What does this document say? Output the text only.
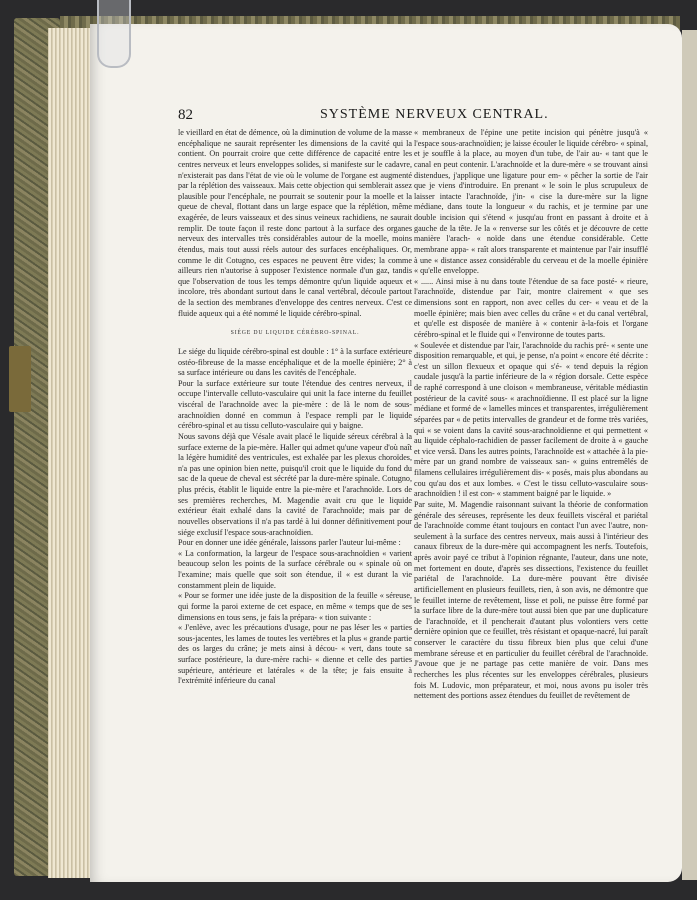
82	SYSTÈME NERVEUX CENTRAL.

le vieillard en état de démence, où la diminution de volume de la masse encéphalique ne saurait représenter les dimensions de la cavité qui la contient. On pourrait croire que cette différence de capacité entre les centres nerveux et leurs enveloppes solides, si manifeste sur le cadavre, n'existerait pas dans l'état de vie où le volume de l'organe est augmenté par la réplétion des vaisseaux. Mais cette objection qui semblerait assez plausible pour l'encéphale, ne pourrait se soutenir pour la moelle et la queue de cheval, flottant dans un large espace que la réplétion, même exagérée, de leurs vaisseaux et des sinus veineux rachidiens, ne saurait remplir. De toute façon il reste donc partout à la surface des organes nerveux des intervalles très considérables autour de la moelle, moins étendus, mais tout aussi réels autour des surfaces encéphaliques. Or, comme le dit Cotugno, ces espaces ne peuvent être vides; la comme ailleurs rien n'autorise à supposer l'existence normale d'un gaz, tandis que l'observation de tous les temps démontre qu'un liquide aqueux et incolore, très abondant surtout dans le canal vertébral, découle partout de la section des membranes d'enveloppe des centres nerveux. C'est ce fluide aqueux qui a été nommé le liquide cérébro-spinal.

SIÉGE DU LIQUIDE CÉRÉBRO-SPINAL.

Le siége du liquide cérébro-spinal est double : 1° à la surface extérieure ostéo-fibreuse de la masse encéphalique et de la moelle épinière; 2° à sa surface intérieure ou dans les cavités de l'encéphale.

Pour la surface extérieure sur toute l'étendue des centres nerveux, il occupe l'intervalle celluto-vasculaire qui unit la face interne du feuillet viscéral de l'arachnoïde avec la pie-mère : de là le nom de sous-arachnoïdien donné en commun à l'espace rempli par le liquide cérébro-spinal et au tissu celluto-vasculaire qui y baigne.

Nous savons déjà que Vésale avait placé le liquide séreux cérébral à la surface externe de la pie-mère. Haller qui admet qu'une vapeur d'où naît la légère humidité des ventricules, est exhalée par les plexus choroïdes, n'a pas une opinion bien nette, puisqu'il croit que le liquide du fond du sac de la queue de cheval est sécrété par la dure-mère spinale. Cotugno, plus précis, établit le liquide entre la pie-mère et l'arachnoïde. Lors de ses premières recherches, M. Magendie avait cru que le liquide extérieur était exhalé dans la cavité de l'arachnoïde; mais par de nouvelles observations il n'a pas tardé à lui donner définitivement pour siége exclusif l'espace sous-arachnoïdien.

Pour en donner une idée générale, laissons parler l'auteur lui-même :

« La conformation, la largeur de l'espace sous-arachnoïdien « varient beaucoup selon les points de la surface cérébrale ou « spinale où on l'examine; mais quelle que soit son étendue, il « est durant la vie constamment plein de liquide.

« Pour se former une idée juste de la disposition de la feuille « séreuse, qui forme la paroi externe de cet espace, en même « temps que de ses dimensions en tous sens, je fais la prépara- « tion suivante :

« J'enlève, avec les précautions d'usage, pour ne pas léser les « parties sous-jacentes, les lames de toutes les vertèbres et la plus « grande partie des os larges du crâne; je mets ainsi à décou- « vert, dans toute sa surface postérieure, la dure-mère rachi- « dienne et celle des parties supérieure, antérieure et latérales « de la tête; je fais ensuite à l'extrémité inférieure du canal

« membraneux de l'épine une petite incision qui pénètre jusqu'à « l'espace sous-arachnoïdien; je laisse écouler le liquide cérébro- « spinal, et je souffle à la place, au moyen d'un tube, de l'air au- « tant que le canal en peut contenir. L'arachnoïde et la dure-mère « se trouvant ainsi distendues, j'applique une ligature pour em- « pêcher la sortie de l'air que je viens d'introduire. En prenant « le soin le plus scrupuleux de laisser intacte l'arachnoïde, j'in- « cise la dure-mère sur la ligne médiane, dans toute la longueur « du rachis, et je termine par une double incision qui s'étend « jusqu'au front en passant à droite et à gauche de la tête. Je la « renverse sur les côtés et je découvre de cette manière l'arach- « noïde dans une étendue considérable. Cette membrane appa- « raît alors transparente et maintenue par l'air insufflé à une « distance assez considérable du cerveau et de la moelle épinière « qu'elle enveloppe.

« ...... Ainsi mise à nu dans toute l'étendue de sa face posté- « rieure, l'arachnoïde, distendue par l'air, montre clairement « que ses dimensions sont en rapport, non avec celles du cer- « veau et de la moelle épinière; mais bien avec celles du crâne « et du canal vertébral, et qu'elle est disposée de manière à « contenir à-la-fois et l'organe cérébro-spinal et le fluide qui « l'environne de toutes parts.

« Soulevée et distendue par l'air, l'arachnoïde du rachis pré- « sente une disposition remarquable, et qui, je pense, n'a point « encore été décrite : c'est un sillon flexueux et opaque qui s'é- « tend depuis la région caudale jusqu'à la partie inférieure de la « région dorsale. Cette espèce de raphé correspond à une cloison « membraneuse, véritable médiastin postérieur de la cavité sous- « arachnoïdienne. Il est placé sur la ligne médiane et formé de « lamelles minces et transparentes, irrégulièrement séparées par « de petits intervalles de grandeur et de forme très variées, qui « se voient dans la cavité sous-arachnoïdienne et qui permettent « au liquide céphalo-rachidien de passer facilement de droite à « gauche et vice versâ. Dans les autres points, l'arachnoïde est « attachée à la pie-mère par un grand nombre de vaisseaux san- « guins entremêlés de filamens cellulaires irrégulièrement dis- « posés, mais plus abondans au cou qu'au dos et aux lombes. « C'est le tissu celluto-vasculaire sous-arachnoïdien ! il est con- « stamment baigné par le liquide. »

Par suite, M. Magendie raisonnant suivant la théorie de conformation générale des séreuses, représente les deux feuillets viscéral et pariétal de l'arachnoïde comme étant toujours en contact l'un avec l'autre, non-seulement à la surface des centres nerveux, mais aussi à l'intérieur des canaux fibreux de la dure-mère qui accompagnent les nerfs. Toutefois, après avoir payé ce tribut à l'opinion régnante, l'auteur, dans une note, met fortement en doute, d'après ses dissections, l'existence du feuillet pariétal de l'arachnoïde. La dure-mère pouvant être divisée artificiellement en plusieurs feuillets, rien, à son avis, ne démontre que le feuillet interne de revêtement, lisse et poli, ne puisse être formé par la surface libre de la dure-mère tout aussi bien que par une duplicature de l'arachnoïde, et il pencherait d'autant plus volontiers vers cette dernière opinion que ce feuillet, très résistant et opaque-nacré, lui paraît conserver le caractère du tissu fibreux bien plus que celui d'une membrane séreuse et en particulier du feuillet cérébral de l'arachnoïde. J'avoue que je ne partage pas cette manière de voir. Dans mes recherches les plus récentes sur les enveloppes cérébrales, plusieurs fois M. Ludovic, mon préparateur, et moi, nous avons pu isoler très nettement des portions assez étendues du feuillet de revêtement de
